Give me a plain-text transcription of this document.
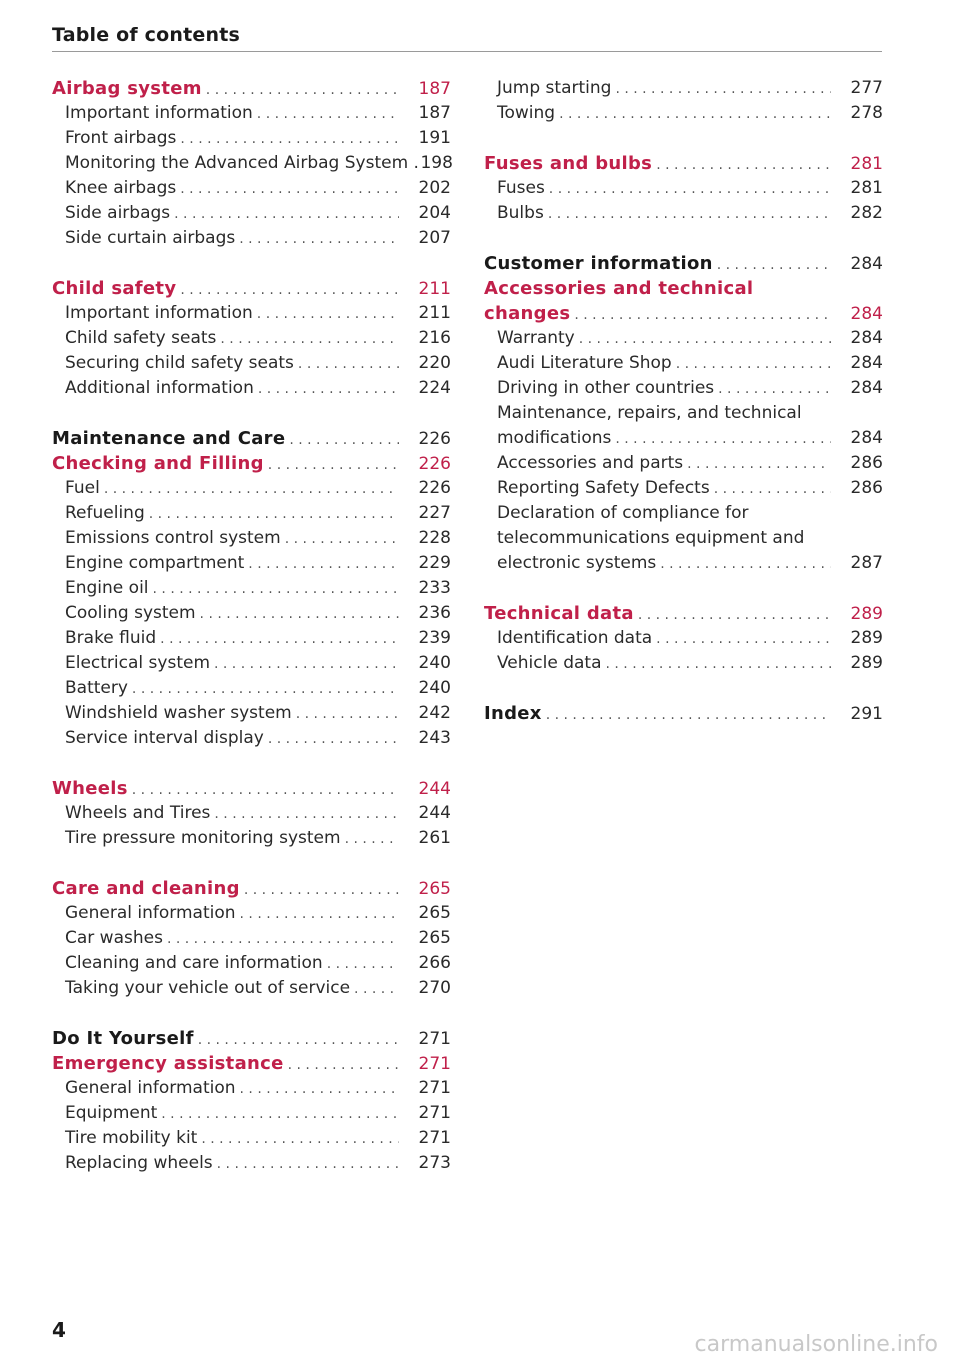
Table of contents
Airbag system . . .	187
Important information . . .	187
Front airbags . . .	191
Monitoring the Advanced Airbag System . 198
Knee airbags . . .	202
Side airbags . . .	204
Side curtain airbags . . .	207
Child safety . . .	211
Important information . . .	211
Child safety seats . . .	216
Securing child safety seats . . .	220
Additional information . . .	224
Maintenance and Care . . .	226
Checking and Filling . . .	226
Fuel . . .	226
Refueling . . .	227
Emissions control system . . .	228
Engine compartment . . .	229
Engine oil . . .	233
Cooling system . . .	236
Brake fluid . . .	239
Electrical system . . .	240
Battery . . .	240
Windshield washer system . . .	242
Service interval display . . .	243
Wheels . . .	244
Wheels and Tires . . .	244
Tire pressure monitoring system . . .	261
Care and cleaning . . .	265
General information . . .	265
Car washes . . .	265
Cleaning and care information . . .	266
Taking your vehicle out of service . . .	270
Do It Yourself . . .	271
Emergency assistance . . .	271
General information . . .	271
Equipment . . .	271
Tire mobility kit . . .	271
Replacing wheels . . .	273
Jump starting . . .	277
Towing . . .	278
Fuses and bulbs . . .	281
Fuses . . .	281
Bulbs . . .	282
Customer information . . .	284
Accessories and technical
changes . . .	284
Warranty . . .	284
Audi Literature Shop . . .	284
Driving in other countries . . .	284
Maintenance, repairs, and technical
modifications . . .	284
Accessories and parts . . .	286
Reporting Safety Defects . . .	286
Declaration of compliance for
telecommunications equipment and
electronic systems . . .	287
Technical data . . .	289
Identification data . . .	289
Vehicle data . . .	289
Index . . .	291
4
carmanualsonline.info
